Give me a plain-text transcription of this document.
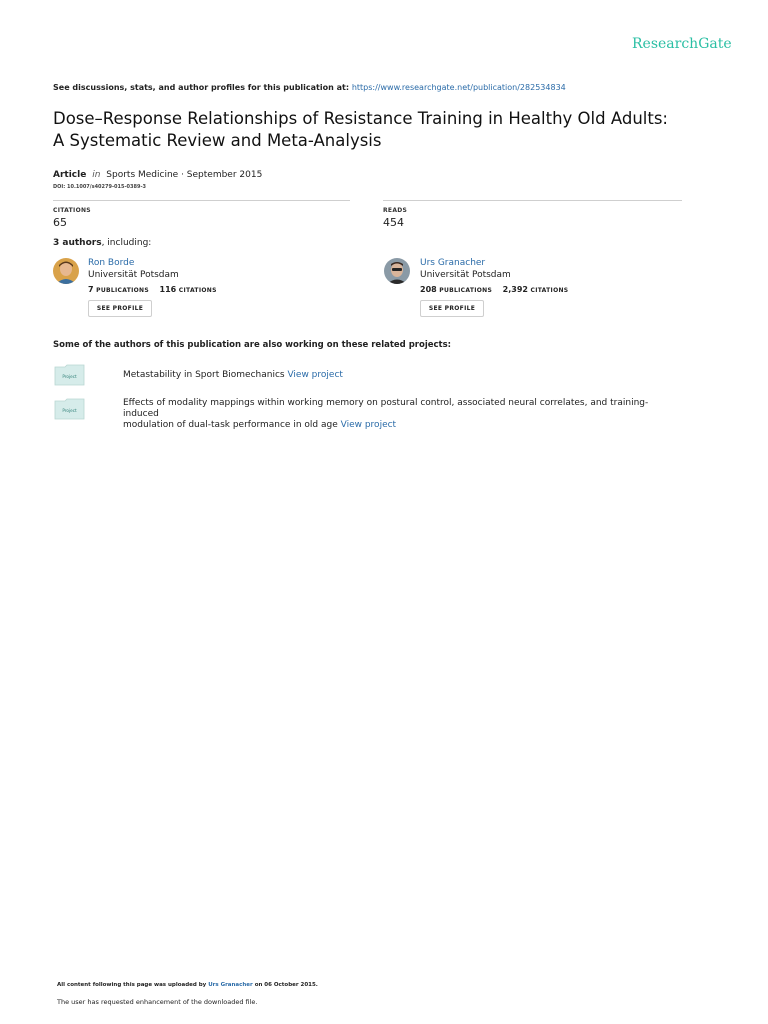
ResearchGate
See discussions, stats, and author profiles for this publication at: https://www.researchgate.net/publication/282534834
Dose–Response Relationships of Resistance Training in Healthy Old Adults:
A Systematic Review and Meta-Analysis
Article in Sports Medicine · September 2015
DOI: 10.1007/s40279-015-0389-3
CITATIONS
65
READS
454
3 authors, including:
Ron Borde
Universität Potsdam
7 PUBLICATIONS 116 CITATIONS
SEE PROFILE
Urs Granacher
Universität Potsdam
208 PUBLICATIONS 2,392 CITATIONS
SEE PROFILE
Some of the authors of this publication are also working on these related projects:
Project	Metastability in Sport Biomechanics View project
Project
Effects of modality mappings within working memory on postural control, associated neural correlates, and training-induced
modulation of dual-task performance in old age View project
All content following this page was uploaded by Urs Granacher on 06 October 2015.
The user has requested enhancement of the downloaded file.
